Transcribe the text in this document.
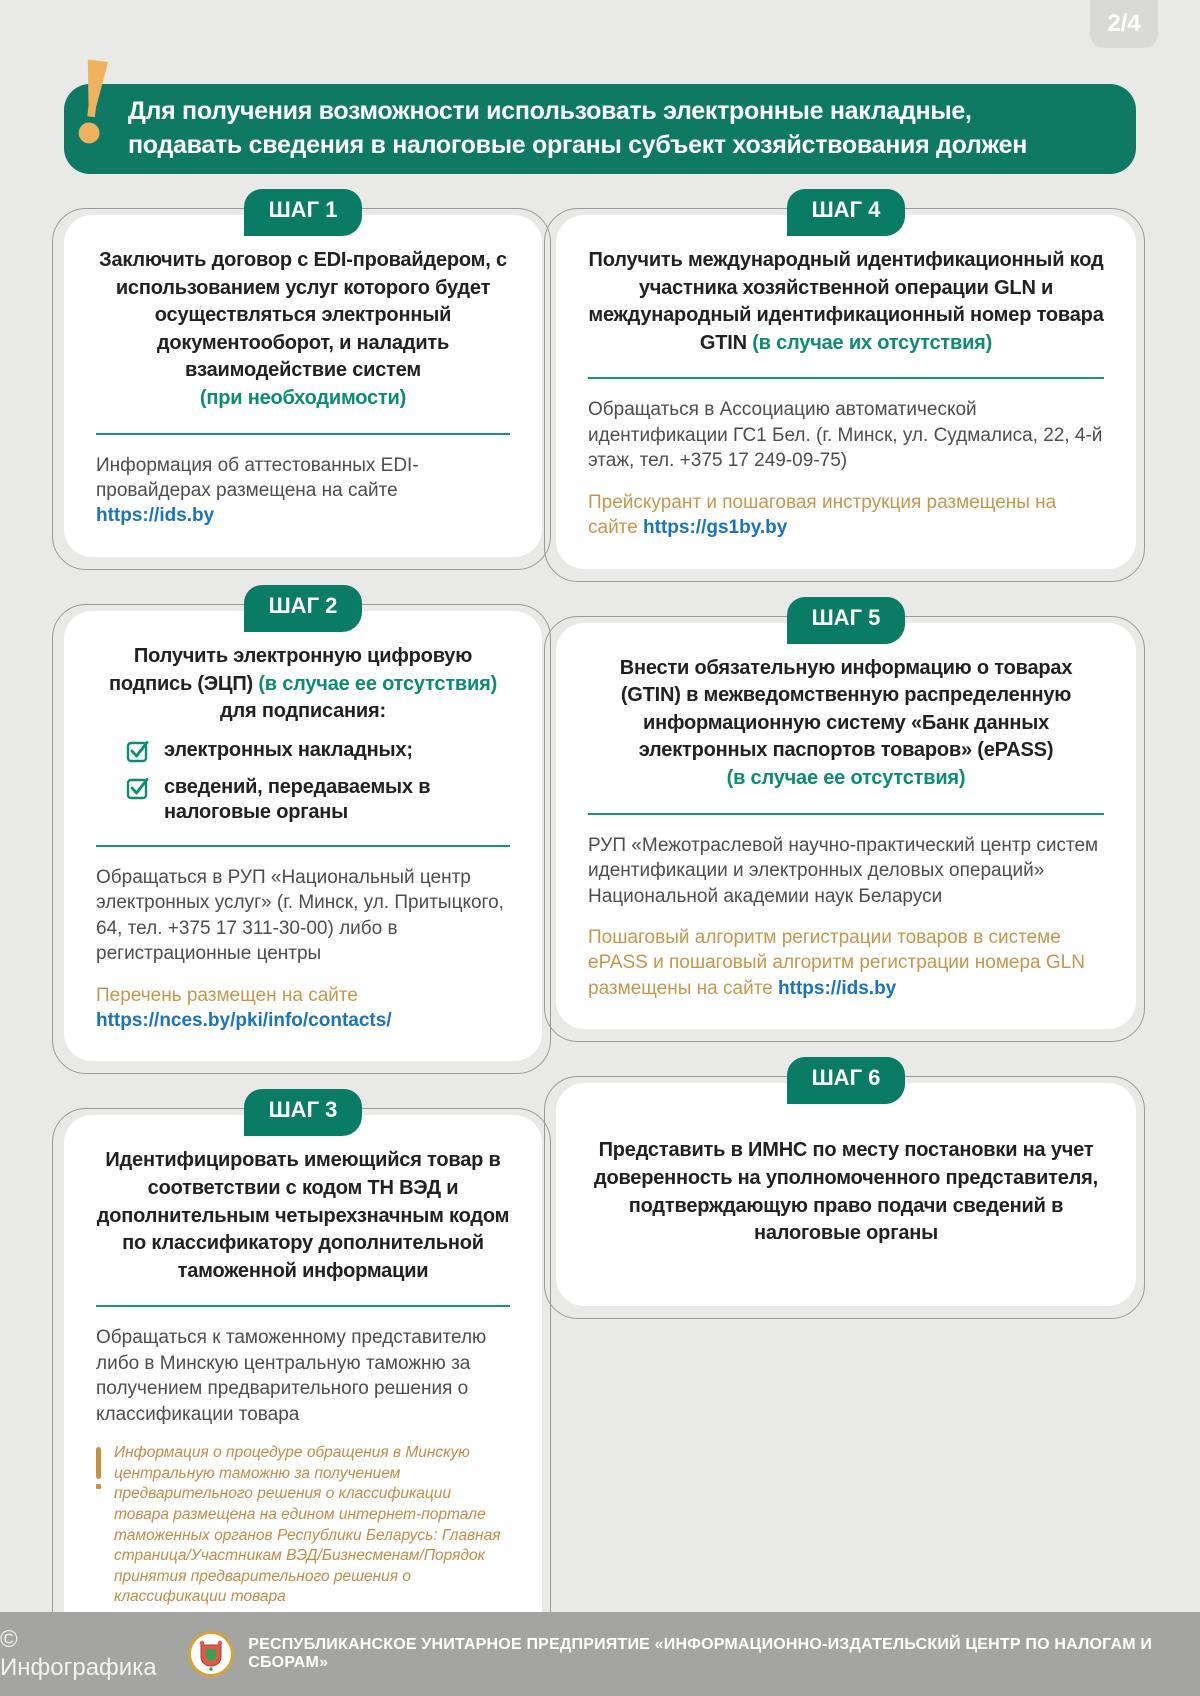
2/4
! Для получения возможности использовать электронные накладные,
подавать сведения в налоговые органы субъект хозяйствования должен
ШАГ 1

Заключить договор с EDI-провайдером, с использованием услуг которого будет осуществляться электронный документооборот, и наладить взаимодействие систем
(при необходимости)

Информация об аттестованных EDI-провайдерах размещена на сайте https://ids.by

ШАГ 2

Получить электронную цифровую подпись (ЭЦП) (в случае ее отсутствия)
для подписания:

электронных накладных;
сведений, передаваемых в налоговые органы

Обращаться в РУП «Национальный центр электронных услуг» (г. Минск, ул. Притыцкого, 64, тел. +375 17 311-30-00) либо в регистрационные центры

Перечень размещен на сайте
https://nces.by/pki/info/contacts/

ШАГ 3

Идентифицировать имеющийся товар в соответствии с кодом ТН ВЭД и дополнительным четырехзначным кодом по классификатору дополнительной таможенной информации

Обращаться к таможенному представителю либо в Минскую центральную таможню за получением предварительного решения о классификации товара

Информация о процедуре обращения в Минскую центральную таможню за получением предварительного решения о классификации товара размещена на едином интернет-портале таможенных органов Республики Беларусь: Главная страница/Участникам ВЭД/Бизнесменам/Порядок принятия предварительного решения о классификации товара

ШАГ 4

Получить международный идентификационный код участника хозяйственной операции GLN и международный идентификационный номер товара GTIN (в случае их отсутствия)

Обращаться в Ассоциацию автоматической идентификации ГС1 Бел. (г. Минск, ул. Судмалиса, 22, 4-й этаж, тел. +375 17 249-09-75)

Прейскурант и пошаговая инструкция размещены на сайте https://gs1by.by

ШАГ 5

Внести обязательную информацию о товарах (GTIN) в межведомственную распределенную информационную систему «Банк данных электронных паспортов товаров» (ePASS)
(в случае ее отсутствия)

РУП «Межотраслевой научно-практический центр систем идентификации и электронных деловых операций» Национальной академии наук Беларуси

Пошаговый алгоритм регистрации товаров в системе ePASS и пошаговый алгоритм регистрации номера GLN размещены на сайте https://ids.by

ШАГ 6

Представить в ИМНС по месту постановки на учет доверенность на уполномоченного представителя, подтверждающую право подачи сведений в налоговые органы

© Инфографика
РЕСПУБЛИКАНСКОЕ УНИТАРНОЕ ПРЕДПРИЯТИЕ «ИНФОРМАЦИОННО-ИЗДАТЕЛЬСКИЙ ЦЕНТР ПО НАЛОГАМ И СБОРАМ»
